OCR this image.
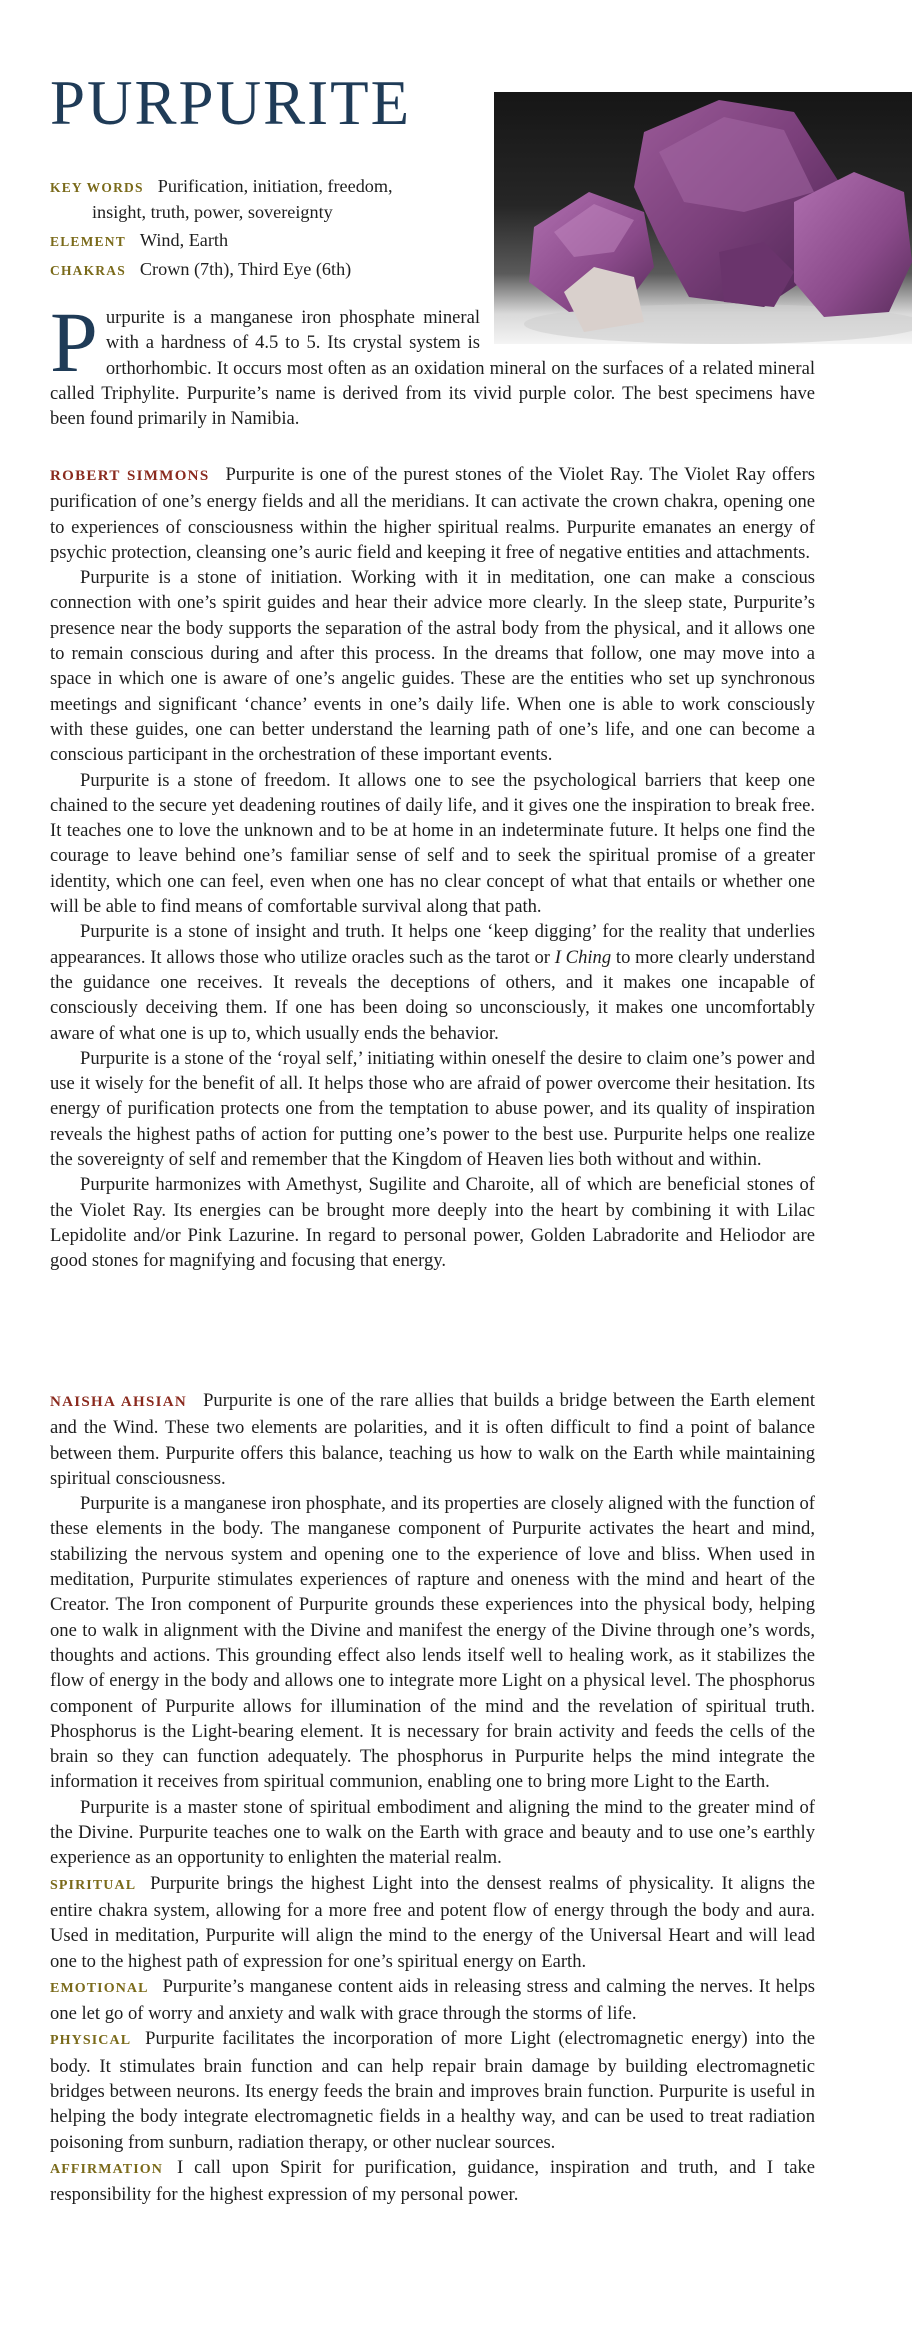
PURPURITE
KEY WORDS Purification, initiation, freedom,
insight, truth, power, sovereignty
ELEMENT Wind, Earth
CHAKRAS Crown (7th), Third Eye (6th)
Purpurite is a manganese iron phosphate mineral with a hardness of 4.5 to 5. Its crystal system is orthorhombic. It occurs most often as an oxidation mineral on the surfaces of a related mineral called Triphylite. Purpurite’s name is derived from its vivid purple color. The best specimens have been found primarily in Namibia.

ROBERT SIMMONS Purpurite is one of the purest stones of the Violet Ray. The Violet Ray offers purification of one’s energy fields and all the meridians. It can activate the crown chakra, opening one to experiences of consciousness within the higher spiritual realms. Purpurite emanates an energy of psychic protection, cleansing one’s auric field and keeping it free of negative entities and attachments.

Purpurite is a stone of initiation. Working with it in meditation, one can make a conscious connection with one’s spirit guides and hear their advice more clearly. In the sleep state, Purpurite’s presence near the body supports the separation of the astral body from the physical, and it allows one to remain conscious during and after this process. In the dreams that follow, one may move into a space in which one is aware of one’s angelic guides. These are the entities who set up synchronous meetings and significant ‘chance’ events in one’s daily life. When one is able to work consciously with these guides, one can better understand the learning path of one’s life, and one can become a conscious participant in the orchestration of these important events.

Purpurite is a stone of freedom. It allows one to see the psychological barriers that keep one chained to the secure yet deadening routines of daily life, and it gives one the inspiration to break free. It teaches one to love the unknown and to be at home in an indeterminate future. It helps one find the courage to leave behind one’s familiar sense of self and to seek the spiritual promise of a greater identity, which one can feel, even when one has no clear concept of what that entails or whether one will be able to find means of comfortable survival along that path.

Purpurite is a stone of insight and truth. It helps one ‘keep digging’ for the reality that underlies appearances. It allows those who utilize oracles such as the tarot or I Ching to more clearly understand the guidance one receives. It reveals the deceptions of others, and it makes one incapable of consciously deceiving them. If one has been doing so unconsciously, it makes one uncomfortably aware of what one is up to, which usually ends the behavior.

Purpurite is a stone of the ‘royal self,’ initiating within oneself the desire to claim one’s power and use it wisely for the benefit of all. It helps those who are afraid of power overcome their hesitation. Its energy of purification protects one from the temptation to abuse power, and its quality of inspiration reveals the highest paths of action for putting one’s power to the best use. Purpurite helps one realize the sovereignty of self and remember that the Kingdom of Heaven lies both without and within.

Purpurite harmonizes with Amethyst, Sugilite and Charoite, all of which are beneficial stones of the Violet Ray. Its energies can be brought more deeply into the heart by combining it with Lilac Lepidolite and/or Pink Lazurine. In regard to personal power, Golden Labradorite and Heliodor are good stones for magnifying and focusing that energy.

NAISHA AHSIAN Purpurite is one of the rare allies that builds a bridge between the Earth element and the Wind. These two elements are polarities, and it is often difficult to find a point of balance between them. Purpurite offers this balance, teaching us how to walk on the Earth while maintaining spiritual consciousness.

Purpurite is a manganese iron phosphate, and its properties are closely aligned with the function of these elements in the body. The manganese component of Purpurite activates the heart and mind, stabilizing the nervous system and opening one to the experience of love and bliss. When used in meditation, Purpurite stimulates experiences of rapture and oneness with the mind and heart of the Creator. The Iron component of Purpurite grounds these experiences into the physical body, helping one to walk in alignment with the Divine and manifest the energy of the Divine through one’s words, thoughts and actions. This grounding effect also lends itself well to healing work, as it stabilizes the flow of energy in the body and allows one to integrate more Light on a physical level. The phosphorus component of Purpurite allows for illumination of the mind and the revelation of spiritual truth. Phosphorus is the Light-bearing element. It is necessary for brain activity and feeds the cells of the brain so they can function adequately. The phosphorus in Purpurite helps the mind integrate the information it receives from spiritual communion, enabling one to bring more Light to the Earth.

Purpurite is a master stone of spiritual embodiment and aligning the mind to the greater mind of the Divine. Purpurite teaches one to walk on the Earth with grace and beauty and to use one’s earthly experience as an opportunity to enlighten the material realm.

SPIRITUAL Purpurite brings the highest Light into the densest realms of physicality. It aligns the entire chakra system, allowing for a more free and potent flow of energy through the body and aura. Used in meditation, Purpurite will align the mind to the energy of the Universal Heart and will lead one to the highest path of expression for one’s spiritual energy on Earth.

EMOTIONAL Purpurite’s manganese content aids in releasing stress and calming the nerves. It helps one let go of worry and anxiety and walk with grace through the storms of life.

PHYSICAL Purpurite facilitates the incorporation of more Light (electromagnetic energy) into the body. It stimulates brain function and can help repair brain damage by building electromagnetic bridges between neurons. Its energy feeds the brain and improves brain function. Purpurite is useful in helping the body integrate electromagnetic fields in a healthy way, and can be used to treat radiation poisoning from sunburn, radiation therapy, or other nuclear sources.

AFFIRMATION I call upon Spirit for purification, guidance, inspiration and truth, and I take responsibility for the highest expression of my personal power.
